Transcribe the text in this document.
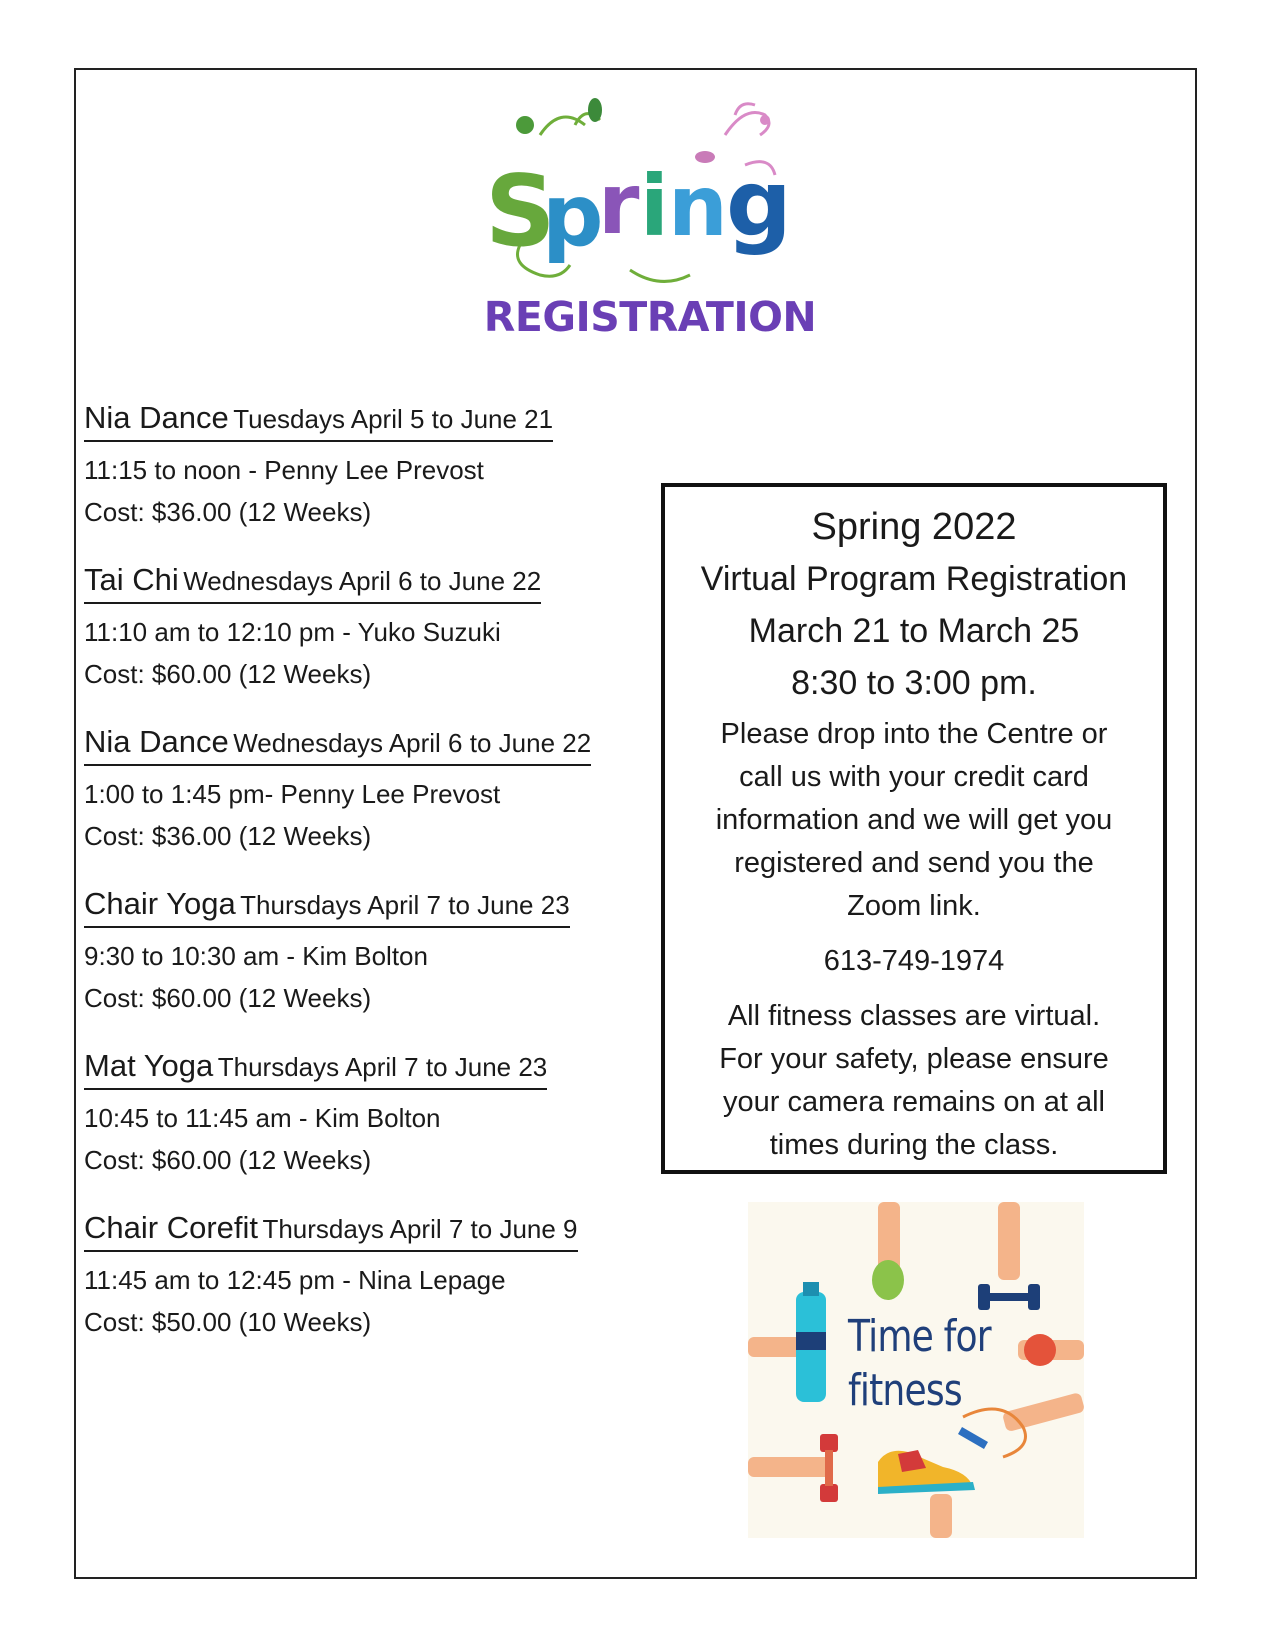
S
p r i n
g
REGISTRATION
Nia Dance Tuesdays April 5 to June 21
11:15 to noon - Penny Lee Prevost
Cost: $36.00 (12 Weeks)
Tai Chi Wednesdays April 6 to June 22
11:10 am to 12:10 pm - Yuko Suzuki
Cost: $60.00 (12 Weeks)
Nia Dance Wednesdays April 6 to June 22
1:00 to 1:45 pm- Penny Lee Prevost
Cost: $36.00 (12 Weeks)
Chair Yoga Thursdays April 7 to June 23
9:30 to 10:30 am - Kim Bolton
Cost: $60.00 (12 Weeks)
Mat Yoga Thursdays April 7 to June 23
10:45 to 11:45 am - Kim Bolton
Cost: $60.00 (12 Weeks)
Chair Corefit Thursdays April 7 to June 9
11:45 am to 12:45 pm - Nina Lepage
Cost: $50.00 (10 Weeks)
Spring 2022
Virtual Program Registration
March 21 to March 25
8:30 to 3:00 pm.
Please drop into the Centre or
call us with your credit card
information and we will get you
registered and send you the
Zoom link.
613-749-1974
All fitness classes are virtual.
For your safety, please ensure
your camera remains on at all
times during the class.
Time for
fitness
